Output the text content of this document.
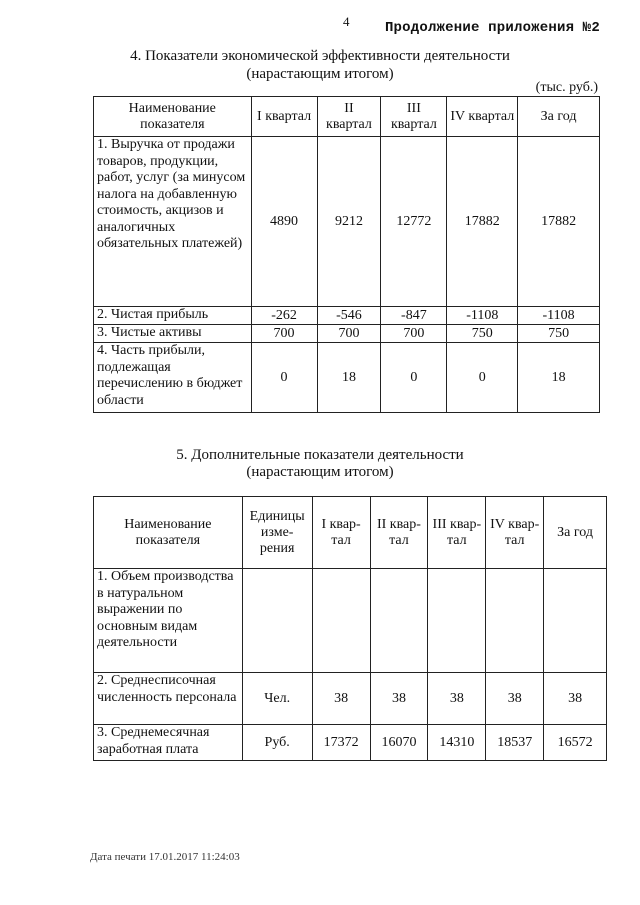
4	Продолжение приложения №2
4. Показатели экономической эффективности деятельности
(нарастающим итогом)
(тыс. руб.)
Наименование показателя	I квартал	II квартал	III квартал	IV квартал	За год
1. Выручка от продажи товаров, продукции, работ, услуг (за минусом налога на добавленную стоимость, акцизов и аналогичных обязательных платежей)	4890	9212	12772	17882	17882
2. Чистая прибыль	-262	-546	-847	-1108	-1108
3. Чистые активы	700	700	700	750	750
4. Часть прибыли, подлежащая перечислению в бюджет области	0	18	0	0	18
5. Дополнительные показатели деятельности
(нарастающим итогом)
Наименование показателя	Единицы изме-рения	I квар-тал	II квар-тал	III квар-тал	IV квар-тал	За год
1. Объем производства в натуральном выражении по основным видам деятельности						
2. Среднесписочная численность персонала	Чел.	38	38	38	38	38
3. Среднемесячная заработная плата	Руб.	17372	16070	14310	18537	16572
Дата печати 17.01.2017 11:24:03
